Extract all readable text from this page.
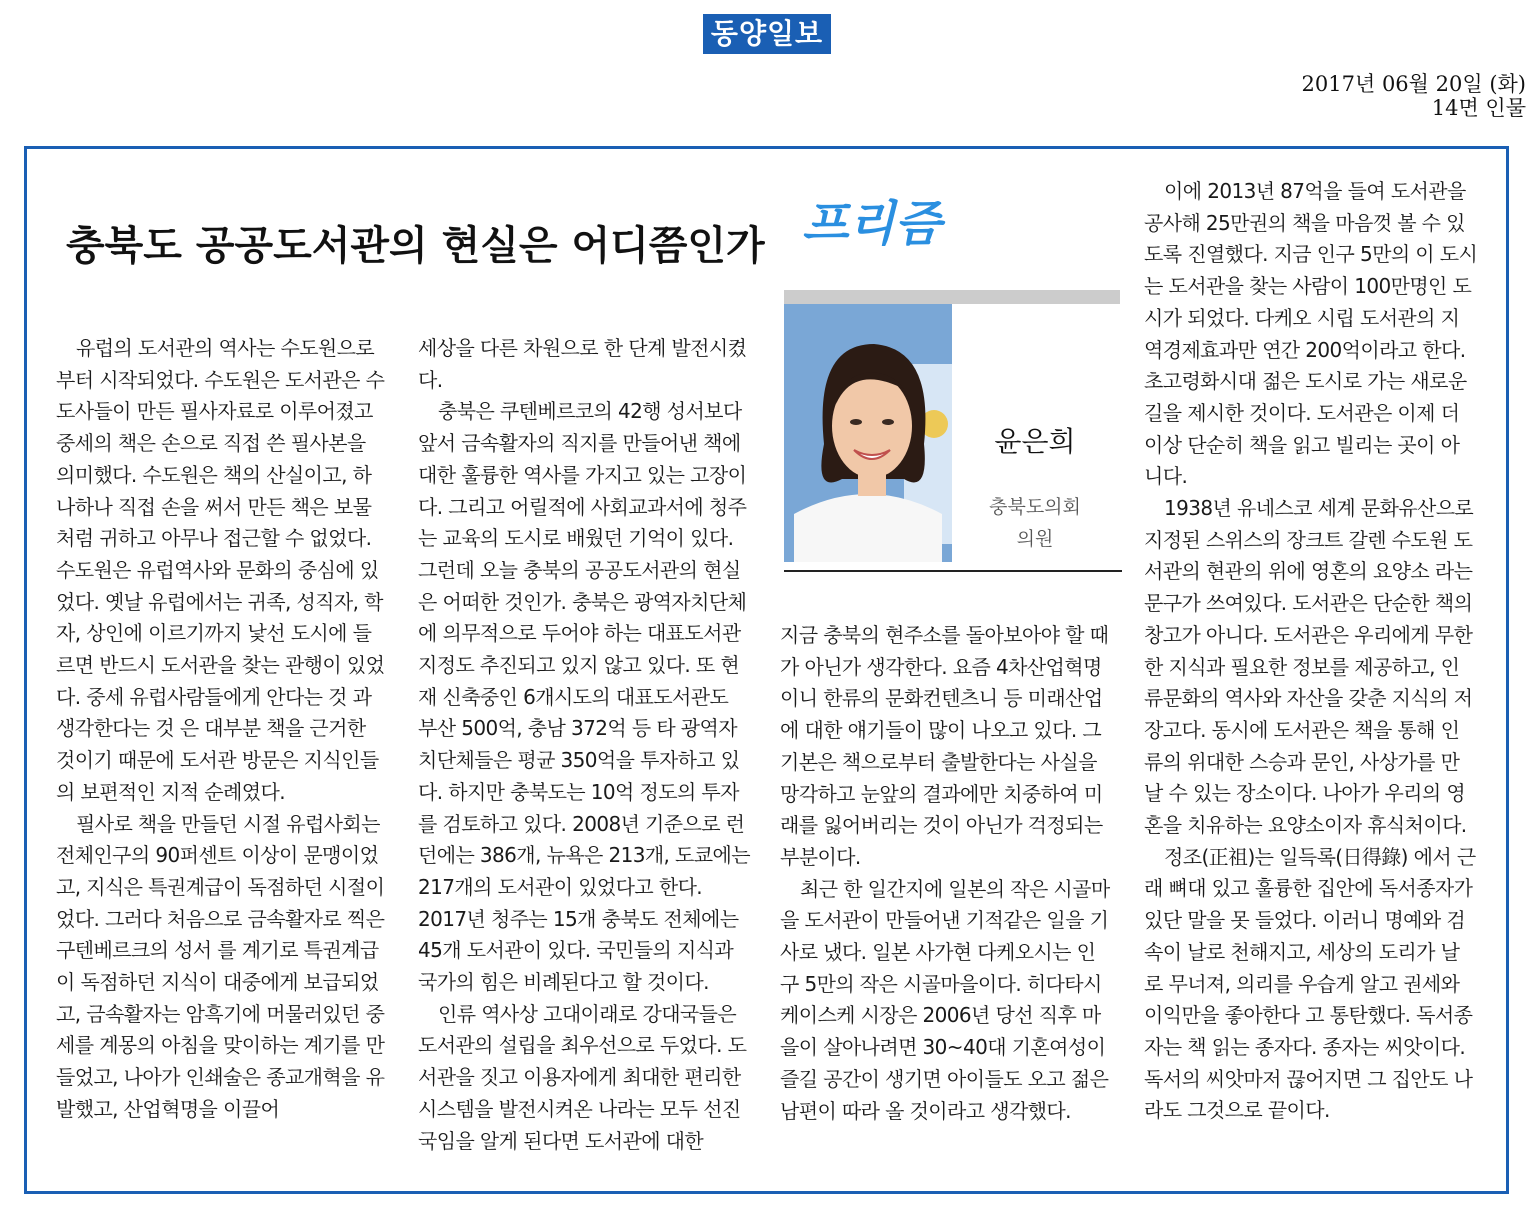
동양일보
2017년 06월 20일 (화)
14면 인물
충북도 공공도서관의 현실은 어디쯤인가 프리즘
윤은희
충북도의회
의원

유럽의 도서관의 역사는 수도원으로부터 시작되었다. 수도원은 도서관은 수도사들이 만든 필사자료로 이루어졌고 중세의 책은 손으로 직접 쓴 필사본을 의미했다. 수도원은 책의 산실이고, 하나하나 직접 손을 써서 만든 책은 보물처럼 귀하고 아무나 접근할 수 없었다. 수도원은 유럽역사와 문화의 중심에 있었다. 옛날 유럽에서는 귀족, 성직자, 학자, 상인에 이르기까지 낯선 도시에 들르면 반드시 도서관을 찾는 관행이 있었다. 중세 유럽사람들에게 안다는 것 과 생각한다는 것 은 대부분 책을 근거한 것이기 때문에 도서관 방문은 지식인들의 보편적인 지적 순례였다.

필사로 책을 만들던 시절 유럽사회는 전체인구의 90퍼센트 이상이 문맹이었고, 지식은 특권계급이 독점하던 시절이었다. 그러다 처음으로 금속활자로 찍은 구텐베르크의 성서 를 계기로 특권계급이 독점하던 지식이 대중에게 보급되었고, 금속활자는 암흑기에 머물러있던 중세를 계몽의 아침을 맞이하는 계기를 만들었고, 나아가 인쇄술은 종교개혁을 유발했고, 산업혁명을 이끌어

세상을 다른 차원으로 한 단계 발전시켰다.

충북은 쿠텐베르코의 42행 성서보다 앞서 금속활자의 직지를 만들어낸 책에 대한 훌륭한 역사를 가지고 있는 고장이다. 그리고 어릴적에 사회교과서에 청주는 교육의 도시로 배웠던 기억이 있다. 그런데 오늘 충북의 공공도서관의 현실은 어떠한 것인가. 충북은 광역자치단체에 의무적으로 두어야 하는 대표도서관 지정도 추진되고 있지 않고 있다. 또 현재 신축중인 6개시도의 대표도서관도 부산 500억, 충남 372억 등 타 광역자치단체들은 평균 350억을 투자하고 있다. 하지만 충북도는 10억 정도의 투자를 검토하고 있다. 2008년 기준으로 런던에는 386개, 뉴욕은 213개, 도쿄에는 217개의 도서관이 있었다고 한다. 2017년 청주는 15개 충북도 전체에는 45개 도서관이 있다. 국민들의 지식과 국가의 힘은 비례된다고 할 것이다.

인류 역사상 고대이래로 강대국들은 도서관의 설립을 최우선으로 두었다. 도서관을 짓고 이용자에게 최대한 편리한 시스템을 발전시켜온 나라는 모두 선진국임을 알게 된다면 도서관에 대한

지금 충북의 현주소를 돌아보아야 할 때가 아닌가 생각한다. 요즘 4차산업혁명이니 한류의 문화컨텐츠니 등 미래산업에 대한 얘기들이 많이 나오고 있다. 그 기본은 책으로부터 출발한다는 사실을 망각하고 눈앞의 결과에만 치중하여 미래를 잃어버리는 것이 아닌가 걱정되는 부분이다.

최근 한 일간지에 일본의 작은 시골마을 도서관이 만들어낸 기적같은 일을 기사로 냈다. 일본 사가현 다케오시는 인구 5만의 작은 시골마을이다. 히다타시 케이스케 시장은 2006년 당선 직후 마을이 살아나려면 30~40대 기혼여성이 즐길 공간이 생기면 아이들도 오고 젊은 남편이 따라 올 것이라고 생각했다.

이에 2013년 87억을 들여 도서관을 공사해 25만권의 책을 마음껏 볼 수 있도록 진열했다. 지금 인구 5만의 이 도시는 도서관을 찾는 사람이 100만명인 도시가 되었다. 다케오 시립 도서관의 지역경제효과만 연간 200억이라고 한다. 초고령화시대 젊은 도시로 가는 새로운 길을 제시한 것이다. 도서관은 이제 더 이상 단순히 책을 읽고 빌리는 곳이 아니다.

1938년 유네스코 세계 문화유산으로 지정된 스위스의 장크트 갈렌 수도원 도서관의 현관의 위에 영혼의 요양소 라는 문구가 쓰여있다. 도서관은 단순한 책의 창고가 아니다. 도서관은 우리에게 무한한 지식과 필요한 정보를 제공하고, 인류문화의 역사와 자산을 갖춘 지식의 저장고다. 동시에 도서관은 책을 통해 인류의 위대한 스승과 문인, 사상가를 만날 수 있는 장소이다. 나아가 우리의 영혼을 치유하는 요양소이자 휴식처이다.

정조(正祖)는 일득록(日得錄) 에서 근래 뼈대 있고 훌륭한 집안에 독서종자가 있단 말을 못 들었다. 이러니 명예와 검속이 날로 천해지고, 세상의 도리가 날로 무너져, 의리를 우습게 알고 권세와 이익만을 좋아한다 고 통탄했다. 독서종자는 책 읽는 종자다. 종자는 씨앗이다. 독서의 씨앗마저 끊어지면 그 집안도 나라도 그것으로 끝이다.
